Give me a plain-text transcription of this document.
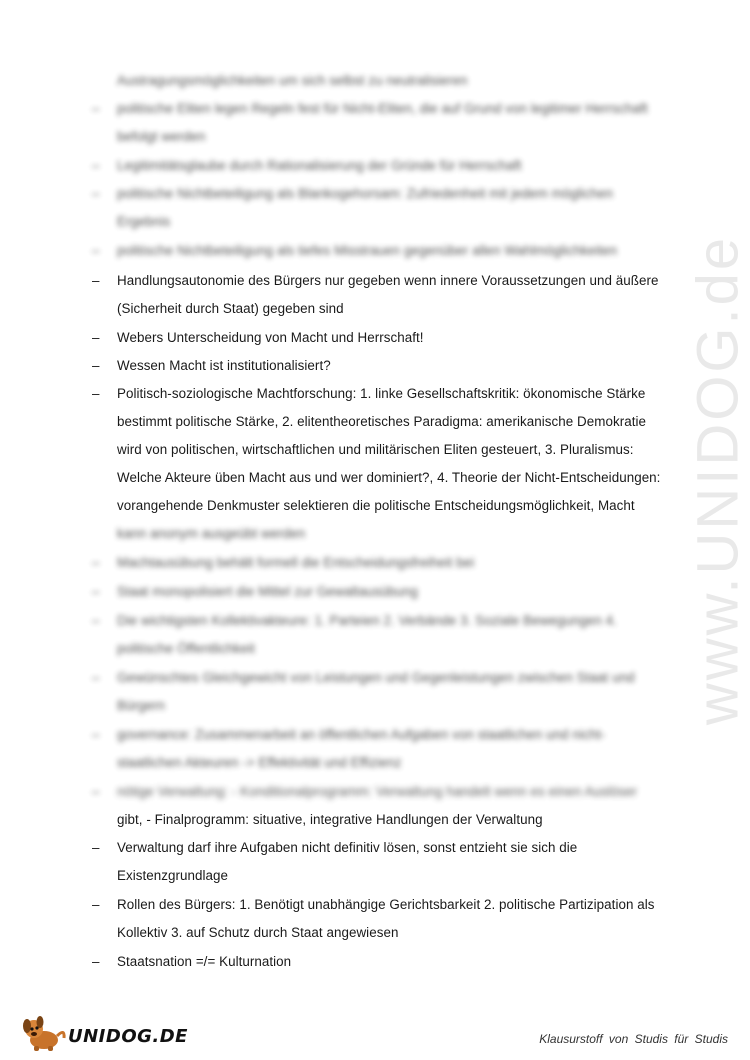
Austragungsmöglichkeiten um sich selbst zu neutralisieren
– politische Eliten legen Regeln fest für Nicht-Eliten, die auf Grund von legitimer Herrschaft
befolgt werden
– Legitimitätsglaube durch Rationalisierung der Gründe für Herrschaft
– politische Nichtbeteiligung als Blankogehorsam: Zufriedenheit mit jedem möglichen
Ergebnis
– politische Nichtbeteiligung als tiefes Misstrauen gegenüber allen Wahlmöglichkeiten
– Handlungsautonomie des Bürgers nur gegeben wenn innere Voraussetzungen und äußere
(Sicherheit durch Staat) gegeben sind
– Webers Unterscheidung von Macht und Herrschaft!
– Wessen Macht ist institutionalisiert?
– Politisch-soziologische Machtforschung: 1. linke Gesellschaftskritik: ökonomische Stärke
bestimmt politische Stärke, 2. elitentheoretisches Paradigma: amerikanische Demokratie
wird von politischen, wirtschaftlichen und militärischen Eliten gesteuert, 3. Pluralismus:
Welche Akteure üben Macht aus und wer dominiert?, 4. Theorie der Nicht-Entscheidungen:
vorangehende Denkmuster selektieren die politische Entscheidungsmöglichkeit, Macht
kann anonym ausgeübt werden
– Machtausübung behält formell die Entscheidungsfreiheit bei
– Staat monopolisiert die Mittel zur Gewaltausübung
– Die wichtigsten Kollektivakteure: 1. Parteien 2. Verbände 3. Soziale Bewegungen 4.
politische Öffentlichkeit
– Gewünschtes Gleichgewicht von Leistungen und Gegenleistungen zwischen Staat und
Bürgern
– governance: Zusammenarbeit an öffentlichen Aufgaben von staatlichen und nicht-
staatlichen Akteuren -> Effektivität und Effizienz
– nötige Verwaltung: - Konditionalprogramm: Verwaltung handelt wenn es einen Auslöser
gibt, - Finalprogramm: situative, integrative Handlungen der Verwaltung
– Verwaltung darf ihre Aufgaben nicht definitiv lösen, sonst entzieht sie sich die
Existenzgrundlage
– Rollen des Bürgers: 1. Benötigt unabhängige Gerichtsbarkeit 2. politische Partizipation als
Kollektiv 3. auf Schutz durch Staat angewiesen
– Staatsnation =/= Kulturnation
www.UNIDOG.de
UNIDOG.DE	Klausurstoff von Studis für Studis
